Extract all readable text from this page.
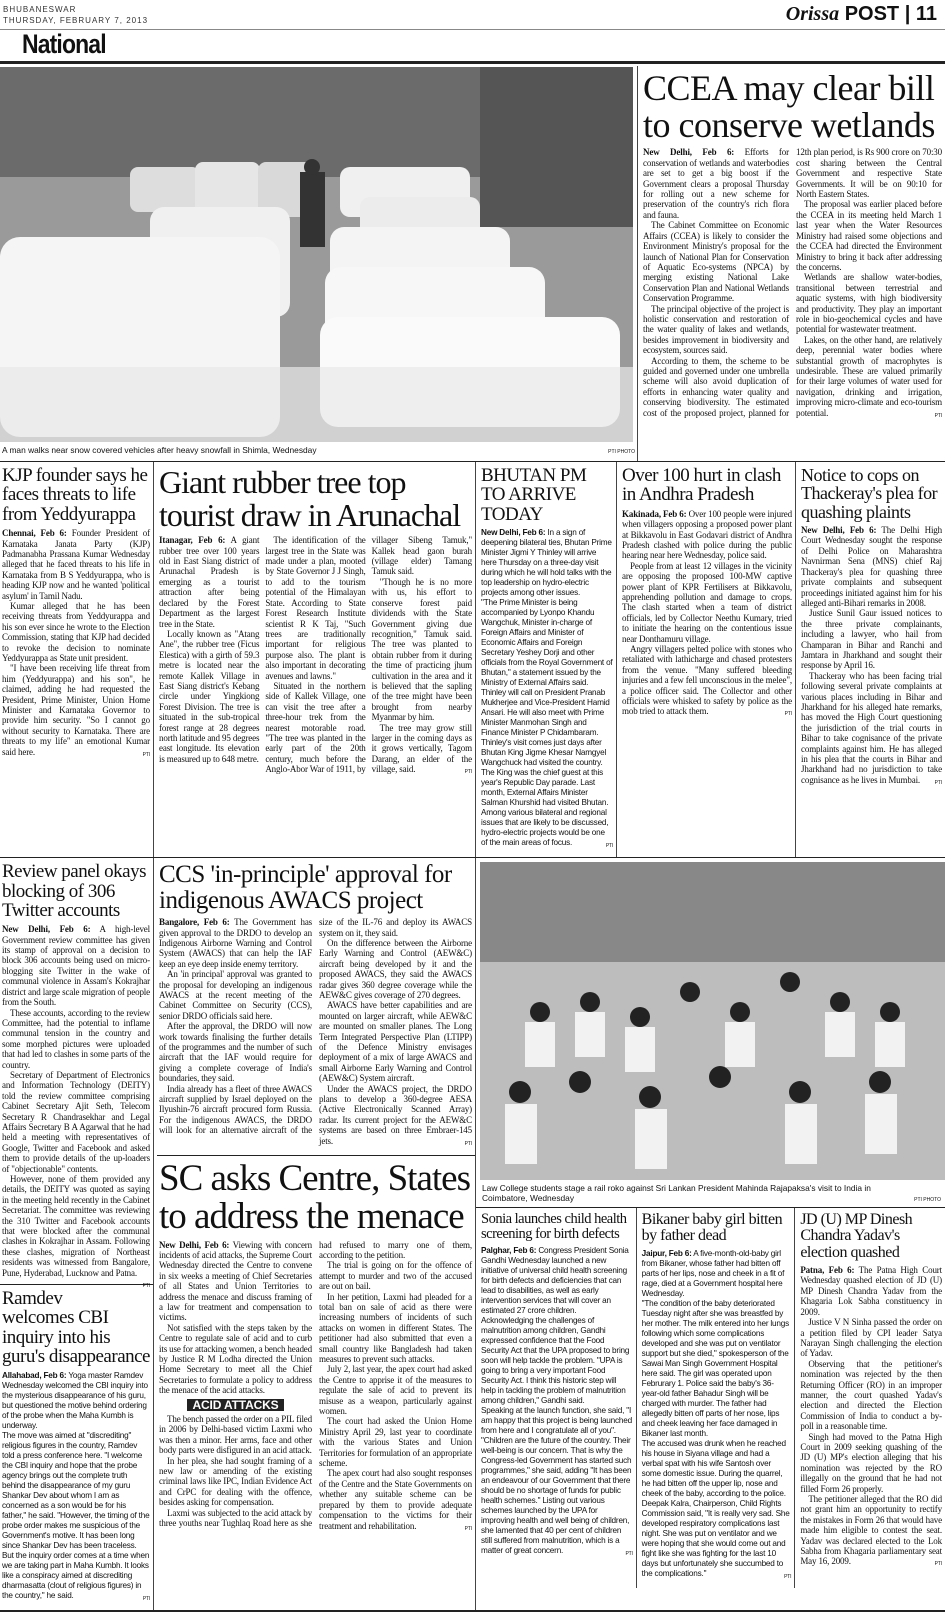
BHUBANESWAR
THURSDAY, FEBRUARY 7, 2013	Orissa POST | 11
National
A man walks near snow covered vehicles after heavy snowfall in Shimla, Wednesday	PTI PHOTO
CCEA may clear bill to conserve wetlands

New Delhi, Feb 6: Efforts for conservation of wetlands and waterbodies are set to get a big boost if the Government clears a proposal Thursday for rolling out a new scheme for preservation of the country's rich flora and fauna.

The Cabinet Committee on Economic Affairs (CCEA) is likely to consider the Environment Ministry's proposal for the launch of National Plan for Conservation of Aquatic Eco-systems (NPCA) by merging existing National Lake Conservation Plan and National Wetlands Conservation Programme.

The principal objective of the project is holistic conservation and restoration of the water quality of lakes and wetlands, besides improvement in biodiversity and ecosystem, sources said.

According to them, the scheme to be guided and governed under one umbrella scheme will also avoid duplication of efforts in enhancing water quality and conserving biodiversity. The estimated cost of the proposed project, planned for 12th plan period, is Rs 900 crore on 70:30 cost sharing between the Central Government and respective State Governments. It will be on 90:10 for North Eastern States.

The proposal was earlier placed before the CCEA in its meeting held March 1 last year when the Water Resources Ministry had raised some objections and the CCEA had directed the Environment Ministry to bring it back after addressing the concerns.

Wetlands are shallow water-bodies, transitional between terrestrial and aquatic systems, with high biodiversity and productivity. They play an important role in bio-geochemical cycles and have potential for wastewater treatment.

Lakes, on the other hand, are relatively deep, perennial water bodies where substantial growth of macrophytes is undesirable. These are valued primarily for their large volumes of water used for navigation, drinking and irrigation, improving micro-climate and eco-tourism potential.	PTI

KJP founder says he faces threats to life from Yeddyurappa

Chennai, Feb 6: Founder President of Karnataka Janata Party (KJP) Padmanabha Prassana Kumar Wednesday alleged that he faced threats to his life in Karnataka from B S Yeddyurappa, who is heading KJP now and he wanted 'political asylum' in Tamil Nadu.

Kumar alleged that he has been receiving threats from Yeddyurappa and his son ever since he wrote to the Election Commission, stating that KJP had decided to revoke the decision to nominate Yeddyurappa as State unit president.

"I have been receiving life threat from him (Yeddyurappa) and his son", he claimed, adding he had requested the President, Prime Minister, Union Home Minister and Karnataka Governor to provide him security. "So I cannot go without security to Karnataka. There are threats to my life" an emotional Kumar said here.	PTI

Giant rubber tree top tourist draw in Arunachal

Itanagar, Feb 6: A giant rubber tree over 100 years old in East Siang district of Arunachal Pradesh is emerging as a tourist attraction after being declared by the Forest Department as the largest tree in the State.

Locally known as "Atang Ane", the rubber tree (Ficus Elestica) with a girth of 59.3 metre is located near the remote Kallek Village in East Siang district's Kebang circle under Yingkiong Forest Division. The tree is situated in the sub-tropical forest range at 28 degrees north latitude and 95 degrees east longitude. Its elevation is measured up to 648 metre.

The identification of the largest tree in the State was made under a plan, mooted by State Governor J J Singh, to add to the tourism potential of the Himalayan State. According to State Forest Research Institute scientist R K Taj, "Such trees are traditionally important for religious purpose also. The plant is also important in decorating avenues and lawns."

Situated in the northern side of Kallek Village, one can visit the tree after a three-hour trek from the nearest motorable road. "The tree was planted in the early part of the 20th century, much before the Anglo-Abor War of 1911, by villager Sibeng Tamuk," Kallek head gaon burah (village elder) Tamang Tamuk said.

"Though he is no more with us, his effort to conserve forest paid dividends with the State Government giving due recognition," Tamuk said. The tree was planted to obtain rubber from it during the time of practicing jhum cultivation in the area and it is believed that the sapling of the tree might have been brought from nearby Myanmar by him.

The tree may grow still larger in the coming days as it grows vertically, Tagom Darang, an elder of the village, said.	PTI

BHUTAN PM TO ARRIVE TODAY

New Delhi, Feb 6: In a sign of deepening bilateral ties, Bhutan Prime Minister Jigmi Y Thinley will arrive here Thursday on a three-day visit during which he will hold talks with the top leadership on hydro-electric projects among other issues.

"The Prime Minister is being accompanied by Lyonpo Khandu Wangchuk, Minister in-charge of Foreign Affairs and Minister of Economic Affairs and Foreign Secretary Yeshey Dorji and other officials from the Royal Government of Bhutan," a statement issued by the Ministry of External Affairs said. Thinley will call on President Pranab Mukherjee and Vice-President Hamid Ansari. He will also meet with Prime Minister Manmohan Singh and Finance Minister P Chidambaram. Thinley's visit comes just days after Bhutan King Jigme Khesar Namgyel Wangchuck had visited the country. The King was the chief guest at this year's Republic Day parade. Last month, External Affairs Minister Salman Khurshid had visited Bhutan. Among various bilateral and regional issues that are likely to be discussed, hydro-electric projects would be one of the main areas of focus.	PTI

Over 100 hurt in clash in Andhra Pradesh

Kakinada, Feb 6: Over 100 people were injured when villagers opposing a proposed power plant at Bikkavolu in East Godavari district of Andhra Pradesh clashed with police during the public hearing near here Wednesday, police said.

People from at least 12 villages in the vicinity are opposing the proposed 100-MW captive power plant of KPR Fertilisers at Bikkavolu, apprehending pollution and damage to crops. The clash started when a team of district officials, led by Collector Neethu Kumary, tried to initiate the hearing on the contentious issue near Donthamuru village.

Angry villagers pelted police with stones who retaliated with lathicharge and chased protesters from the venue. "Many suffered bleeding injuries and a few fell unconscious in the melee", a police officer said. The Collector and other officials were whisked to safety by police as the mob tried to attack them.	PTI

Notice to cops on Thackeray's plea for quashing plaints

New Delhi, Feb 6: The Delhi High Court Wednesday sought the response of Delhi Police on Maharashtra Navnirman Sena (MNS) chief Raj Thackeray's plea for quashing three private complaints and subsequent proceedings initiated against him for his alleged anti-Bihari remarks in 2008.

Justice Sunil Gaur issued notices to the three private complainants, including a lawyer, who hail from Champaran in Bihar and Ranchi and Jamtara in Jharkhand and sought their response by April 16.

Thackeray who has been facing trial following several private complaints at various places including in Bihar and Jharkhand for his alleged hate remarks, has moved the High Court questioning the jurisdiction of the trial courts in Bihar to take cognisance of the private complaints against him. He has alleged in his plea that the courts in Bihar and Jharkhand had no jurisdiction to take cognisance as he lives in Mumbai.	PTI

Review panel okays blocking of 306 Twitter accounts

New Delhi, Feb 6: A high-level Government review committee has given its stamp of approval on a decision to block 306 accounts being used on micro-blogging site Twitter in the wake of communal violence in Assam's Kokrajhar district and large scale migration of people from the South.

These accounts, according to the review Committee, had the potential to inflame communal tension in the country and some morphed pictures were uploaded that had led to clashes in some parts of the country.

Secretary of Department of Electronics and Information Technology (DEITY) told the review committee comprising Cabinet Secretary Ajit Seth, Telecom Secretary R Chandrasekhar and Legal Affairs Secretary B A Agarwal that he had held a meeting with representatives of Google, Twitter and Facebook and asked them to provide details of the up-loaders of "objectionable" contents.

However, none of them provided any details, the DEITY was quoted as saying in the meeting held recently in the Cabinet Secretariat. The committee was reviewing the 310 Twitter and Facebook accounts that were blocked after the communal clashes in Kokrajhar in Assam. Following these clashes, migration of Northeast residents was witnessed from Bangalore, Pune, Hyderabad, Lucknow and Patna.
PTI

Ramdev welcomes CBI inquiry into his guru's disappearance

Allahabad, Feb 6: Yoga master Ramdev Wednesday welcomed the CBI inquiry into the mysterious disappearance of his guru, but questioned the motive behind ordering of the probe when the Maha Kumbh is underway.

The move was aimed at "discrediting" religious figures in the country, Ramdev told a press conference here. "I welcome the CBI inquiry and hope that the probe agency brings out the complete truth behind the disappearance of my guru Shankar Dev about whom I am as concerned as a son would be for his father," he said. "However, the timing of the probe order makes me suspicious of the Government's motive. It has been long since Shankar Dev has been traceless. But the inquiry order comes at a time when we are taking part in Maha Kumbh. It looks like a conspiracy aimed at discrediting dharmasatta (clout of religious figures) in the country," he said.	PTI

CCS 'in-principle' approval for indigenous AWACS project

Bangalore, Feb 6: The Government has given approval to the DRDO to develop an Indigenous Airborne Warning and Control System (AWACS) that can help the IAF keep an eye deep inside enemy territory.

An 'in principal' approval was granted to the proposal for developing an indigenous AWACS at the recent meeting of the Cabinet Committee on Security (CCS), senior DRDO officials said here.

After the approval, the DRDO will now work towards finalising the further details of the programmes and the number of such aircraft that the IAF would require for giving a complete coverage of India's boundaries, they said.

India already has a fleet of three AWACS aircraft supplied by Israel deployed on the Ilyushin-76 aircraft procured form Russia. For the indigenous AWACS, the DRDO will look for an alternative aircraft of the size of the IL-76 and deploy its AWACS system on it, they said.

On the difference between the Airborne Early Warning and Control (AEW&C) aircraft being developed by it and the proposed AWACS, they said the AWACS radar gives 360 degree coverage while the AEW&C gives coverage of 270 degrees.

AWACS have better capabilities and are mounted on larger aircraft, while AEW&C are mounted on smaller planes. The Long Term Integrated Perspective Plan (LTIPP) of the Defence Ministry envisages deployment of a mix of large AWACS and small Airborne Early Warning and Control (AEW&C) System aircraft.

Under the AWACS project, the DRDO plans to develop a 360-degree AESA (Active Electronically Scanned Array) radar. Its current project for the AEW&C systems are based on three Embraer-145 jets.	PTI

SC asks Centre, States to address the menace

New Delhi, Feb 6: Viewing with concern incidents of acid attacks, the Supreme Court Wednesday directed the Centre to convene in six weeks a meeting of Chief Secretaries of all States and Union Territories to address the menace and discuss framing of a law for treatment and compensation to victims.

Not satisfied with the steps taken by the Centre to regulate sale of acid and to curb its use for attacking women, a bench headed by Justice R M Lodha directed the Union Home Secretary to meet all the Chief Secretaries to formulate a policy to address the menace of the acid attacks.

ACID ATTACKS

The bench passed the order on a PIL filed in 2006 by Delhi-based victim Laxmi who was then a minor. Her arms, face and other body parts were disfigured in an acid attack.

In her plea, she had sought framing of a new law or amending of the existing criminal laws like IPC, Indian Evidence Act and CrPC for dealing with the offence, besides asking for compensation.

Laxmi was subjected to the acid attack by three youths near Tughlaq Road here as she had refused to marry one of them, according to the petition.

The trial is going on for the offence of attempt to murder and two of the accused are out on bail.

In her petition, Laxmi had pleaded for a total ban on sale of acid as there were increasing numbers of incidents of such attacks on women in different States. The petitioner had also submitted that even a small country like Bangladesh had taken measures to prevent such attacks.

July 2, last year, the apex court had asked the Centre to apprise it of the measures to regulate the sale of acid to prevent its misuse as a weapon, particularly against women.

The court had asked the Union Home Ministry April 29, last year to coordinate with the various States and Union Territories for formulation of an appropriate scheme.

The apex court had also sought responses of the Centre and the State Governments on whether any suitable scheme can be prepared by them to provide adequate compensation to the victims for their treatment and rehabilitation.	PTI

Law College students stage a rail roko against Sri Lankan President Mahinda Rajapaksa's visit to India in Coimbatore, Wednesday	PTI PHOTO
Sonia launches child health screening for birth defects

Palghar, Feb 6: Congress President Sonia Gandhi Wednesday launched a new initiative of universal child health screening for birth defects and deficiencies that can lead to disabilities, as well as early intervention services that will cover an estimated 27 crore children.

Acknowledging the challenges of malnutrition among children, Gandhi expressed confidence that the Food Security Act that the UPA proposed to bring soon will help tackle the problem. "UPA is going to bring a very important Food Security Act. I think this historic step will help in tackling the problem of malnutrition among children," Gandhi said.

Speaking at the launch function, she said, "I am happy that this project is being launched from here and I congratulate all of you". "Children are the future of the country. Their well-being is our concern. That is why the Congress-led Government has started such programmes," she said, adding "It has been an endeavour of our Government that there should be no shortage of funds for public health schemes." Listing out various schemes launched by the UPA for improving health and well being of children, she lamented that 40 per cent of children still suffered from malnutrition, which is a matter of great concern.	PTI

Bikaner baby girl bitten by father dead

Jaipur, Feb 6: A five-month-old-baby girl from Bikaner, whose father had bitten off parts of her lips, nose and cheek in a fit of rage, died at a Government hospital here Wednesday.

"The condition of the baby deteriorated Tuesday night after she was breastfed by her mother. The milk entered into her lungs following which some complications developed and she was put on ventilator support but she died," spokesperson of the Sawai Man Singh Government Hospital here said. The girl was operated upon Februrary 1. Police said the baby's 36-year-old father Bahadur Singh will be charged with murder. The father had allegedly bitten off parts of her nose, lips and cheek leaving her face damaged in Bikaner last month.

The accused was drunk when he reached his house in Siyana village and had a verbal spat with his wife Santosh over some domestic issue. During the quarrel, he had bitten off the upper lip, nose and cheek of the baby, according to the police. Deepak Kalra, Chairperson, Child Rights Commission said, "It is really very sad. She developed respiratory complications last night. She was put on ventilator and we were hoping that she would come out and fight like she was fighting for the last 10 days but unfortunately she succumbed to the complications."	PTI

JD (U) MP Dinesh Chandra Yadav's election quashed

Patna, Feb 6: The Patna High Court Wednesday quashed election of JD (U) MP Dinesh Chandra Yadav from the Khagaria Lok Sabha constituency in 2009.

Justice V N Sinha passed the order on a petition filed by CPI leader Satya Narayan Singh challenging the election of Yadav.

Observing that the petitioner's nomination was rejected by the then Returning Officer (RO) in an improper manner, the court quashed Yadav's election and directed the Election Commission of India to conduct a by-poll in a reasonable time.

Singh had moved to the Patna High Court in 2009 seeking quashing of the JD (U) MP's election alleging that his nomination was rejected by the RO illegally on the ground that he had not filled Form 26 properly.

The petitioner alleged that the RO did not grant him an opportunity to rectify the mistakes in Form 26 that would have made him eligible to contest the seat. Yadav was declared elected to the Lok Sabha from Khagaria parliamentary seat May 16, 2009.	PTI
